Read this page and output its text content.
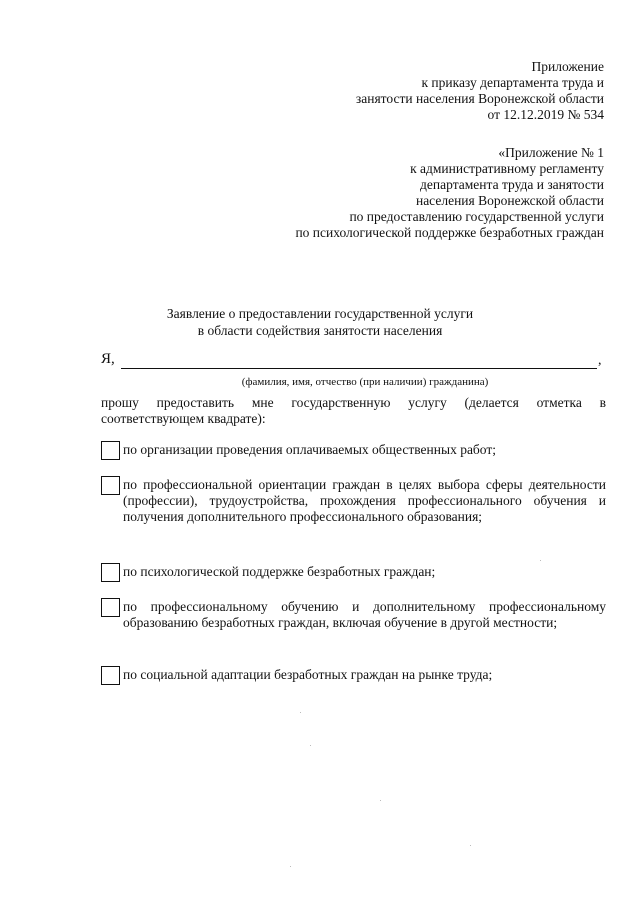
Приложение
к приказу департамента труда и
занятости населения Воронежской области
от 12.12.2019 № 534
«Приложение № 1
к административному регламенту
департамента труда и занятости
населения Воронежской области
по предоставлению государственной услуги
по психологической поддержке безработных граждан
Заявление о предоставлении государственной услуги
в области содействия занятости населения
Я,	,
(фамилия, имя, отчество (при наличии) гражданина)
прошу предоставить мне государственную услугу (делается отметка в соответствующем квадрате):
по организации проведения оплачиваемых общественных работ;
по профессиональной ориентации граждан в целях выбора сферы деятельности (профессии), трудоустройства, прохождения профессионального обучения и получения дополнительного профессионального образования;
по психологической поддержке безработных граждан;
по профессиональному обучению и дополнительному профессиональному образованию безработных граждан, включая обучение в другой местности;
по социальной адаптации безработных граждан на рынке труда;
